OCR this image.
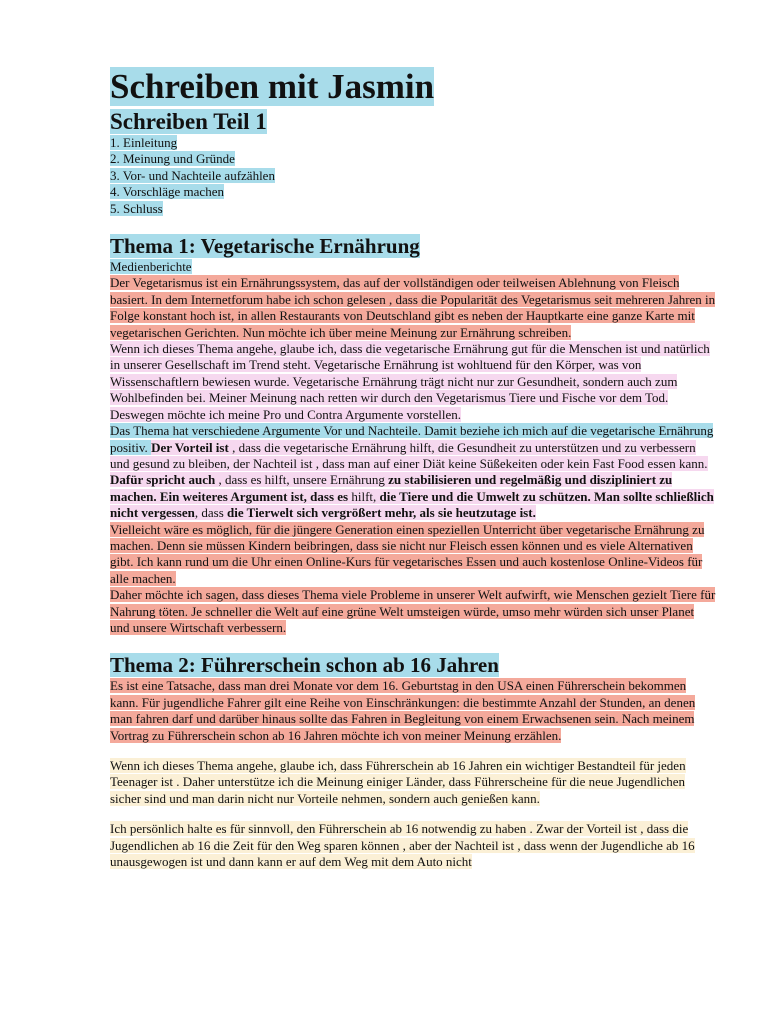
Schreiben mit Jasmin
Schreiben Teil 1
1. Einleitung
2. Meinung und Gründe
3. Vor- und Nachteile aufzählen
4. Vorschläge machen
5. Schluss
Thema 1: Vegetarische Ernährung

Medienberichte

Der Vegetarismus ist ein Ernährungssystem, das auf der vollständigen oder teilweisen Ablehnung von Fleisch basiert. In dem Internetforum habe ich schon gelesen , dass die Popularität des Vegetarismus seit mehreren Jahren in Folge konstant hoch ist, in allen Restaurants von Deutschland gibt es neben der Hauptkarte eine ganze Karte mit vegetarischen Gerichten. Nun möchte ich über meine Meinung zur Ernährung schreiben.

Wenn ich dieses Thema angehe, glaube ich, dass die vegetarische Ernährung gut für die Menschen ist und natürlich in unserer Gesellschaft im Trend steht. Vegetarische Ernährung ist wohltuend für den Körper, was von Wissenschaftlern bewiesen wurde. Vegetarische Ernährung trägt nicht nur zur Gesundheit, sondern auch zum Wohlbefinden bei. Meiner Meinung nach retten wir durch den Vegetarismus Tiere und Fische vor dem Tod. Deswegen möchte ich meine Pro und Contra Argumente vorstellen.

Das Thema hat verschiedene Argumente Vor und Nachteile. Damit beziehe ich mich auf die vegetarische Ernährung positiv. Der Vorteil ist , dass die vegetarische Ernährung hilft, die Gesundheit zu unterstützen und zu verbessern und gesund zu bleiben, der Nachteil ist , dass man auf einer Diät keine Süßekeiten oder kein Fast Food essen kann. Dafür spricht auch , dass es hilft, unsere Ernährung zu stabilisieren und regelmäßig und diszipliniert zu machen. Ein weiteres Argument ist, dass es hilft, die Tiere und die Umwelt zu schützen. Man sollte schließlich nicht vergessen, dass die Tierwelt sich vergrößert mehr, als sie heutzutage ist.

Vielleicht wäre es möglich, für die jüngere Generation einen speziellen Unterricht über vegetarische Ernährung zu machen. Denn sie müssen Kindern beibringen, dass sie nicht nur Fleisch essen können und es viele Alternativen gibt. Ich kann rund um die Uhr einen Online-Kurs für vegetarisches Essen und auch kostenlose Online-Videos für alle machen.

Daher möchte ich sagen, dass dieses Thema viele Probleme in unserer Welt aufwirft, wie Menschen gezielt Tiere für Nahrung töten. Je schneller die Welt auf eine grüne Welt umsteigen würde, umso mehr würden sich unser Planet und unsere Wirtschaft verbessern.

Thema 2: Führerschein schon ab 16 Jahren

Es ist eine Tatsache, dass man drei Monate vor dem 16. Geburtstag in den USA einen Führerschein bekommen kann. Für jugendliche Fahrer gilt eine Reihe von Einschränkungen: die bestimmte Anzahl der Stunden, an denen man fahren darf und darüber hinaus sollte das Fahren in Begleitung von einem Erwachsenen sein. Nach meinem Vortrag zu Führerschein schon ab 16 Jahren möchte ich von meiner Meinung erzählen.

Wenn ich dieses Thema angehe, glaube ich, dass Führerschein ab 16 Jahren ein wichtiger Bestandteil für jeden Teenager ist . Daher unterstütze ich die Meinung einiger Länder, dass Führerscheine für die neue Jugendlichen sicher sind und man darin nicht nur Vorteile nehmen, sondern auch genießen kann.

Ich persönlich halte es für sinnvoll, den Führerschein ab 16 notwendig zu haben . Zwar der Vorteil ist , dass die Jugendlichen ab 16 die Zeit für den Weg sparen können , aber der Nachteil ist , dass wenn der Jugendliche ab 16 unausgewogen ist und dann kann er auf dem Weg mit dem Auto nicht
